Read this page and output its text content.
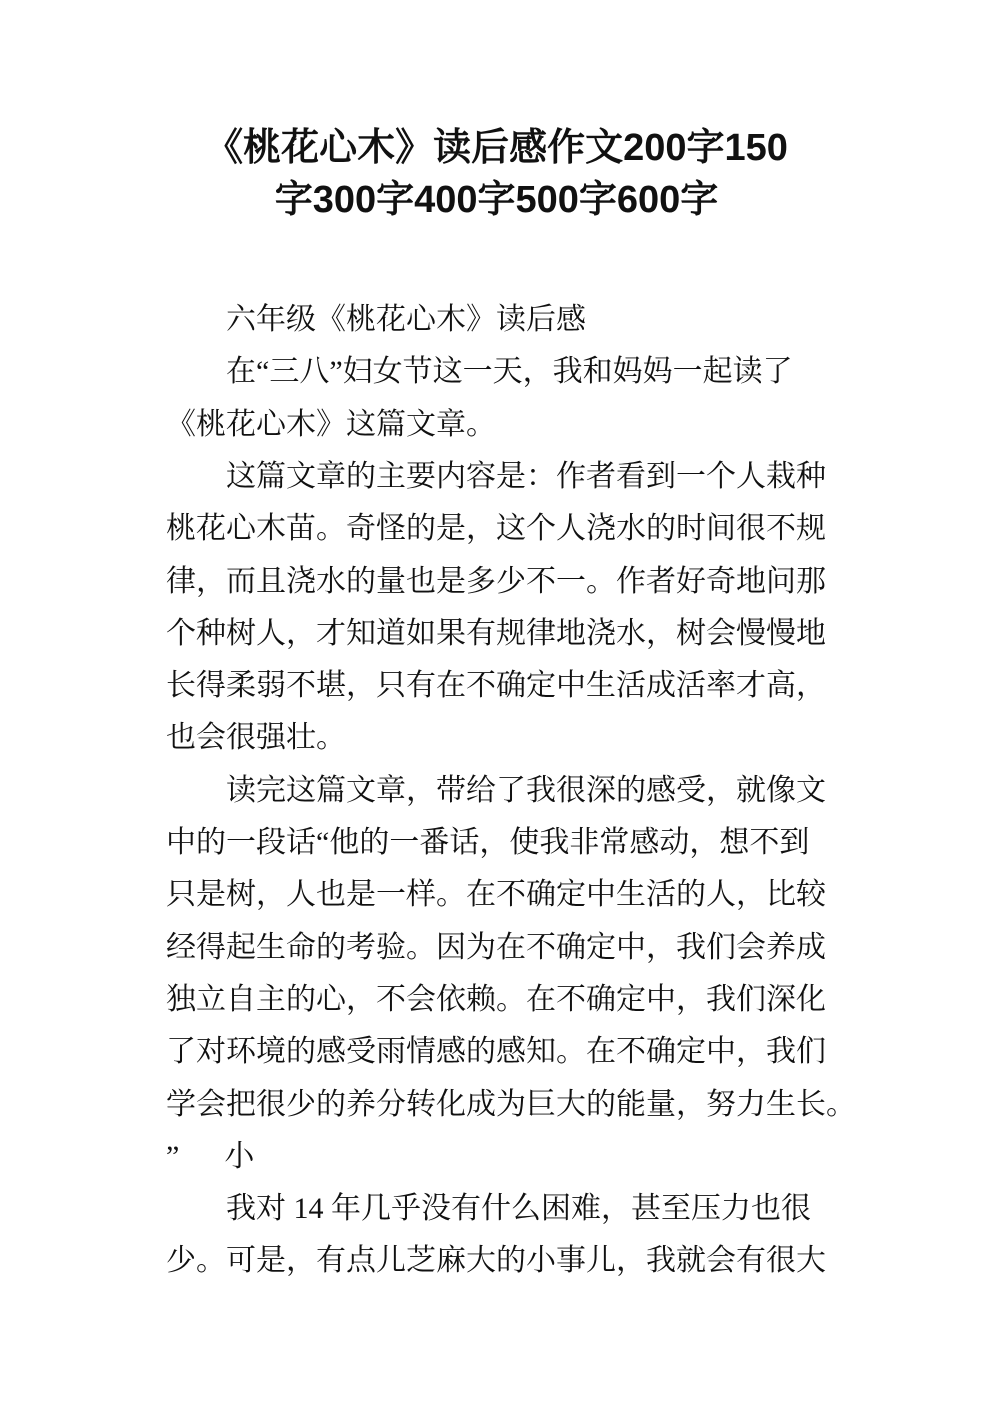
《桃花心木》读后感作文200字150
字300字400字500字600字
六年级《桃花心木》读后感
在“三八”妇女节这一天，我和妈妈一起读了
《桃花心木》这篇文章。
这篇文章的主要内容是：作者看到一个人栽种
桃花心木苗。奇怪的是，这个人浇水的时间很不规
律，而且浇水的量也是多少不一。作者好奇地问那
个种树人，才知道如果有规律地浇水，树会慢慢地
长得柔弱不堪，只有在不确定中生活成活率才高，
也会很强壮。
读完这篇文章，带给了我很深的感受，就像文
中的一段话“他的一番话，使我非常感动，想不到
只是树，人也是一样。在不确定中生活的人，比较
经得起生命的考验。因为在不确定中，我们会养成
独立自主的心，不会依赖。在不确定中，我们深化
了对环境的感受雨情感的感知。在不确定中，我们
学会把很少的养分转化成为巨大的能量，努力生长。
”      小
我对 14 年几乎没有什么困难，甚至压力也很
少。可是，有点儿芝麻大的小事儿，我就会有很大
